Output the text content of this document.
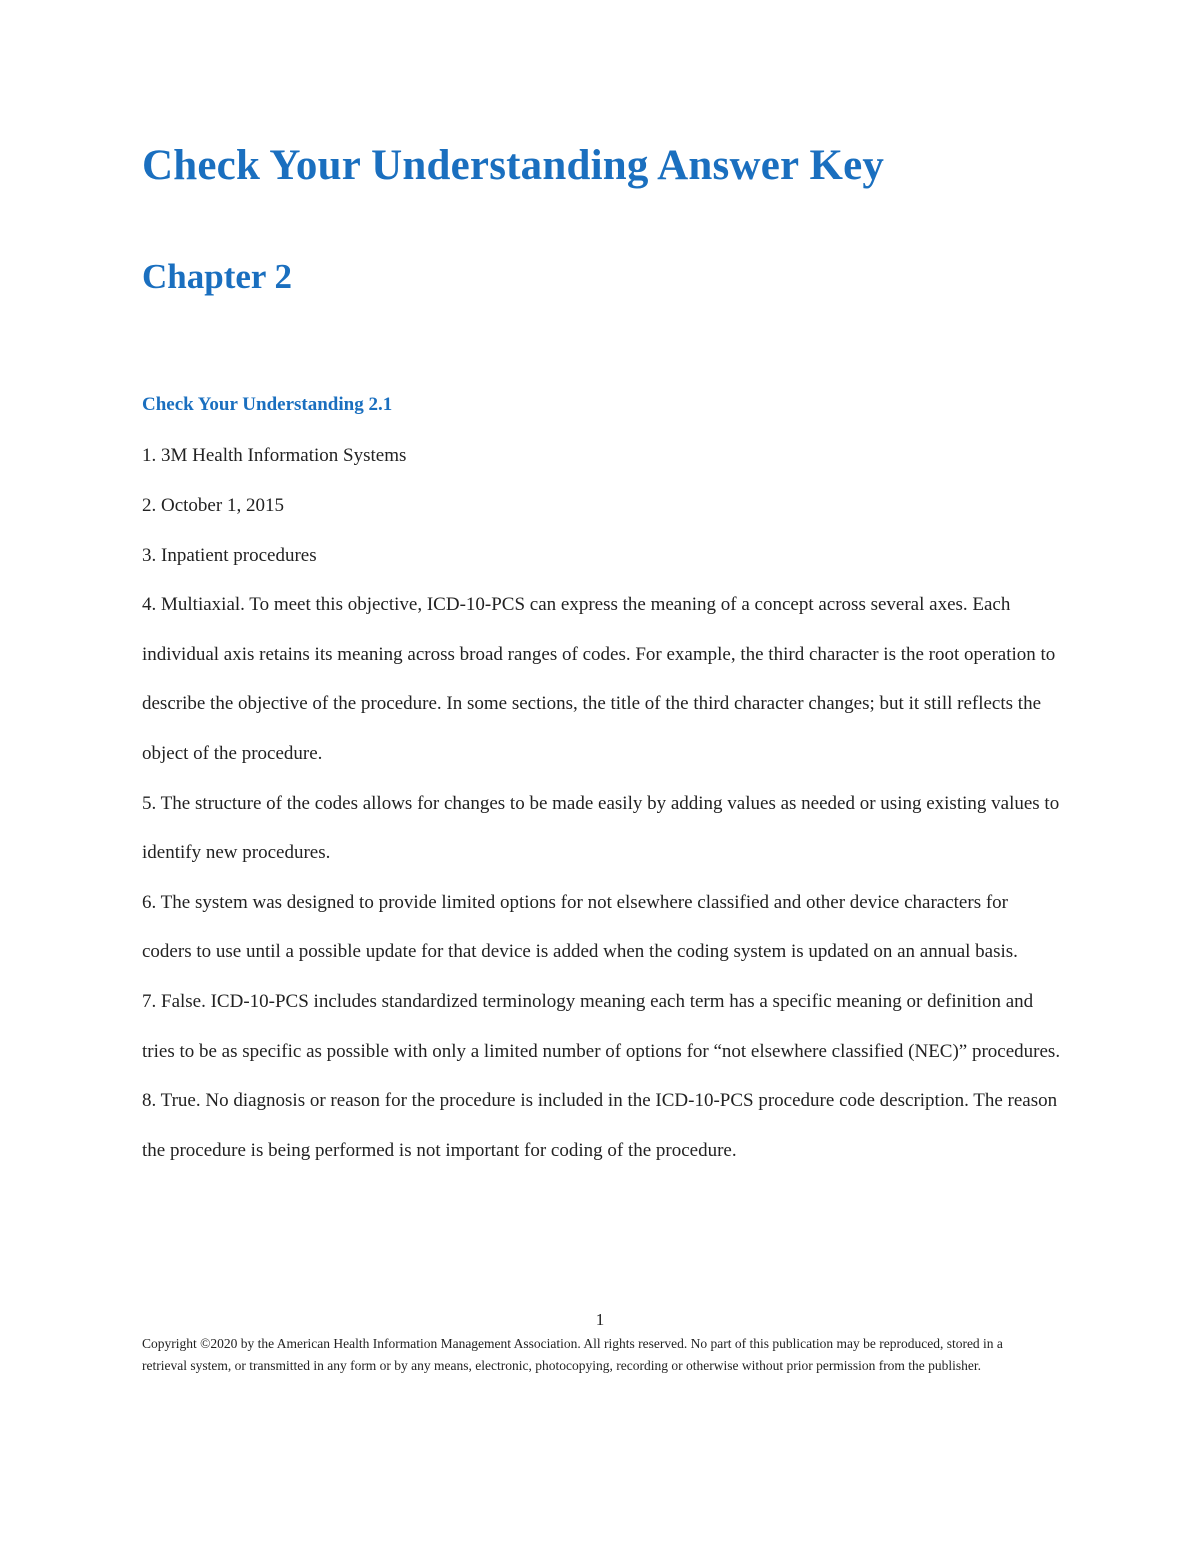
Check Your Understanding Answer Key
Chapter 2
Check Your Understanding 2.1
1. 3M Health Information Systems
2. October 1, 2015
3. Inpatient procedures
4. Multiaxial. To meet this objective, ICD-10-PCS can express the meaning of a concept across several axes. Each individual axis retains its meaning across broad ranges of codes. For example, the third character is the root operation to describe the objective of the procedure. In some sections, the title of the third character changes; but it still reflects the object of the procedure.
5. The structure of the codes allows for changes to be made easily by adding values as needed or using existing values to identify new procedures.
6. The system was designed to provide limited options for not elsewhere classified and other device characters for coders to use until a possible update for that device is added when the coding system is updated on an annual basis.
7. False. ICD-10-PCS includes standardized terminology meaning each term has a specific meaning or definition and tries to be as specific as possible with only a limited number of options for “not elsewhere classified (NEC)” procedures.
8. True. No diagnosis or reason for the procedure is included in the ICD-10-PCS procedure code description. The reason the procedure is being performed is not important for coding of the procedure.
1
Copyright ©2020 by the American Health Information Management Association. All rights reserved. No part of this publication may be reproduced, stored in a retrieval system, or transmitted in any form or by any means, electronic, photocopying, recording or otherwise without prior permission from the publisher.
